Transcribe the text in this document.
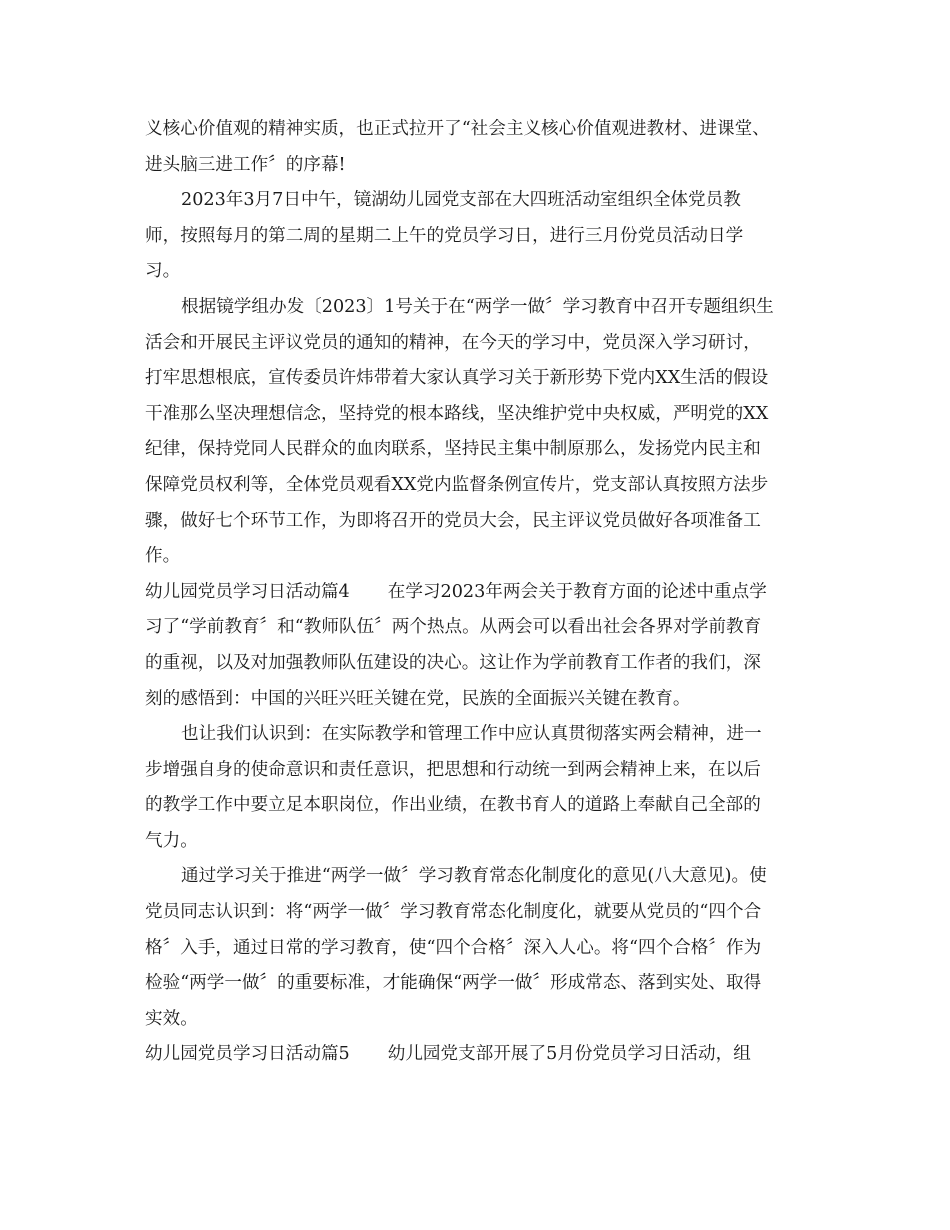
义核心价值观的精神实质，也正式拉开了“社会主义核心价值观进教材、进课堂、
进头脑三进工作〞的序幕!
2023年3月7日中午，镜湖幼儿园党支部在大四班活动室组织全体党员教
师，按照每月的第二周的星期二上午的党员学习日，进行三月份党员活动日学
习。
根据镜学组办发〔2023〕1号关于在“两学一做〞学习教育中召开专题组织生
活会和开展民主评议党员的通知的精神，在今天的学习中，党员深入学习研讨，
打牢思想根底，宣传委员许炜带着大家认真学习关于新形势下党内XX生活的假设
干准那么坚决理想信念，坚持党的根本路线，坚决维护党中央权威，严明党的XX
纪律，保持党同人民群众的血肉联系，坚持民主集中制原那么，发扬党内民主和
保障党员权利等，全体党员观看XX党内监督条例宣传片，党支部认真按照方法步
骤，做好七个环节工作，为即将召开的党员大会，民主评议党员做好各项准备工
作。
幼儿园党员学习日活动篇4 在学习2023年两会关于教育方面的论述中重点学
习了“学前教育〞和“教师队伍〞两个热点。从两会可以看出社会各界对学前教育
的重视，以及对加强教师队伍建设的决心。这让作为学前教育工作者的我们，深
刻的感悟到：中国的兴旺兴旺关键在党，民族的全面振兴关键在教育。
也让我们认识到：在实际教学和管理工作中应认真贯彻落实两会精神，进一
步增强自身的使命意识和责任意识，把思想和行动统一到两会精神上来，在以后
的教学工作中要立足本职岗位，作出业绩，在教书育人的道路上奉献自己全部的
气力。
通过学习关于推进“两学一做〞学习教育常态化制度化的意见(八大意见)。使
党员同志认识到：将“两学一做〞学习教育常态化制度化，就要从党员的“四个合
格〞入手，通过日常的学习教育，使“四个合格〞深入人心。将“四个合格〞作为
检验“两学一做〞的重要标准，才能确保“两学一做〞形成常态、落到实处、取得
实效。
幼儿园党员学习日活动篇5 幼儿园党支部开展了5月份党员学习日活动，组
